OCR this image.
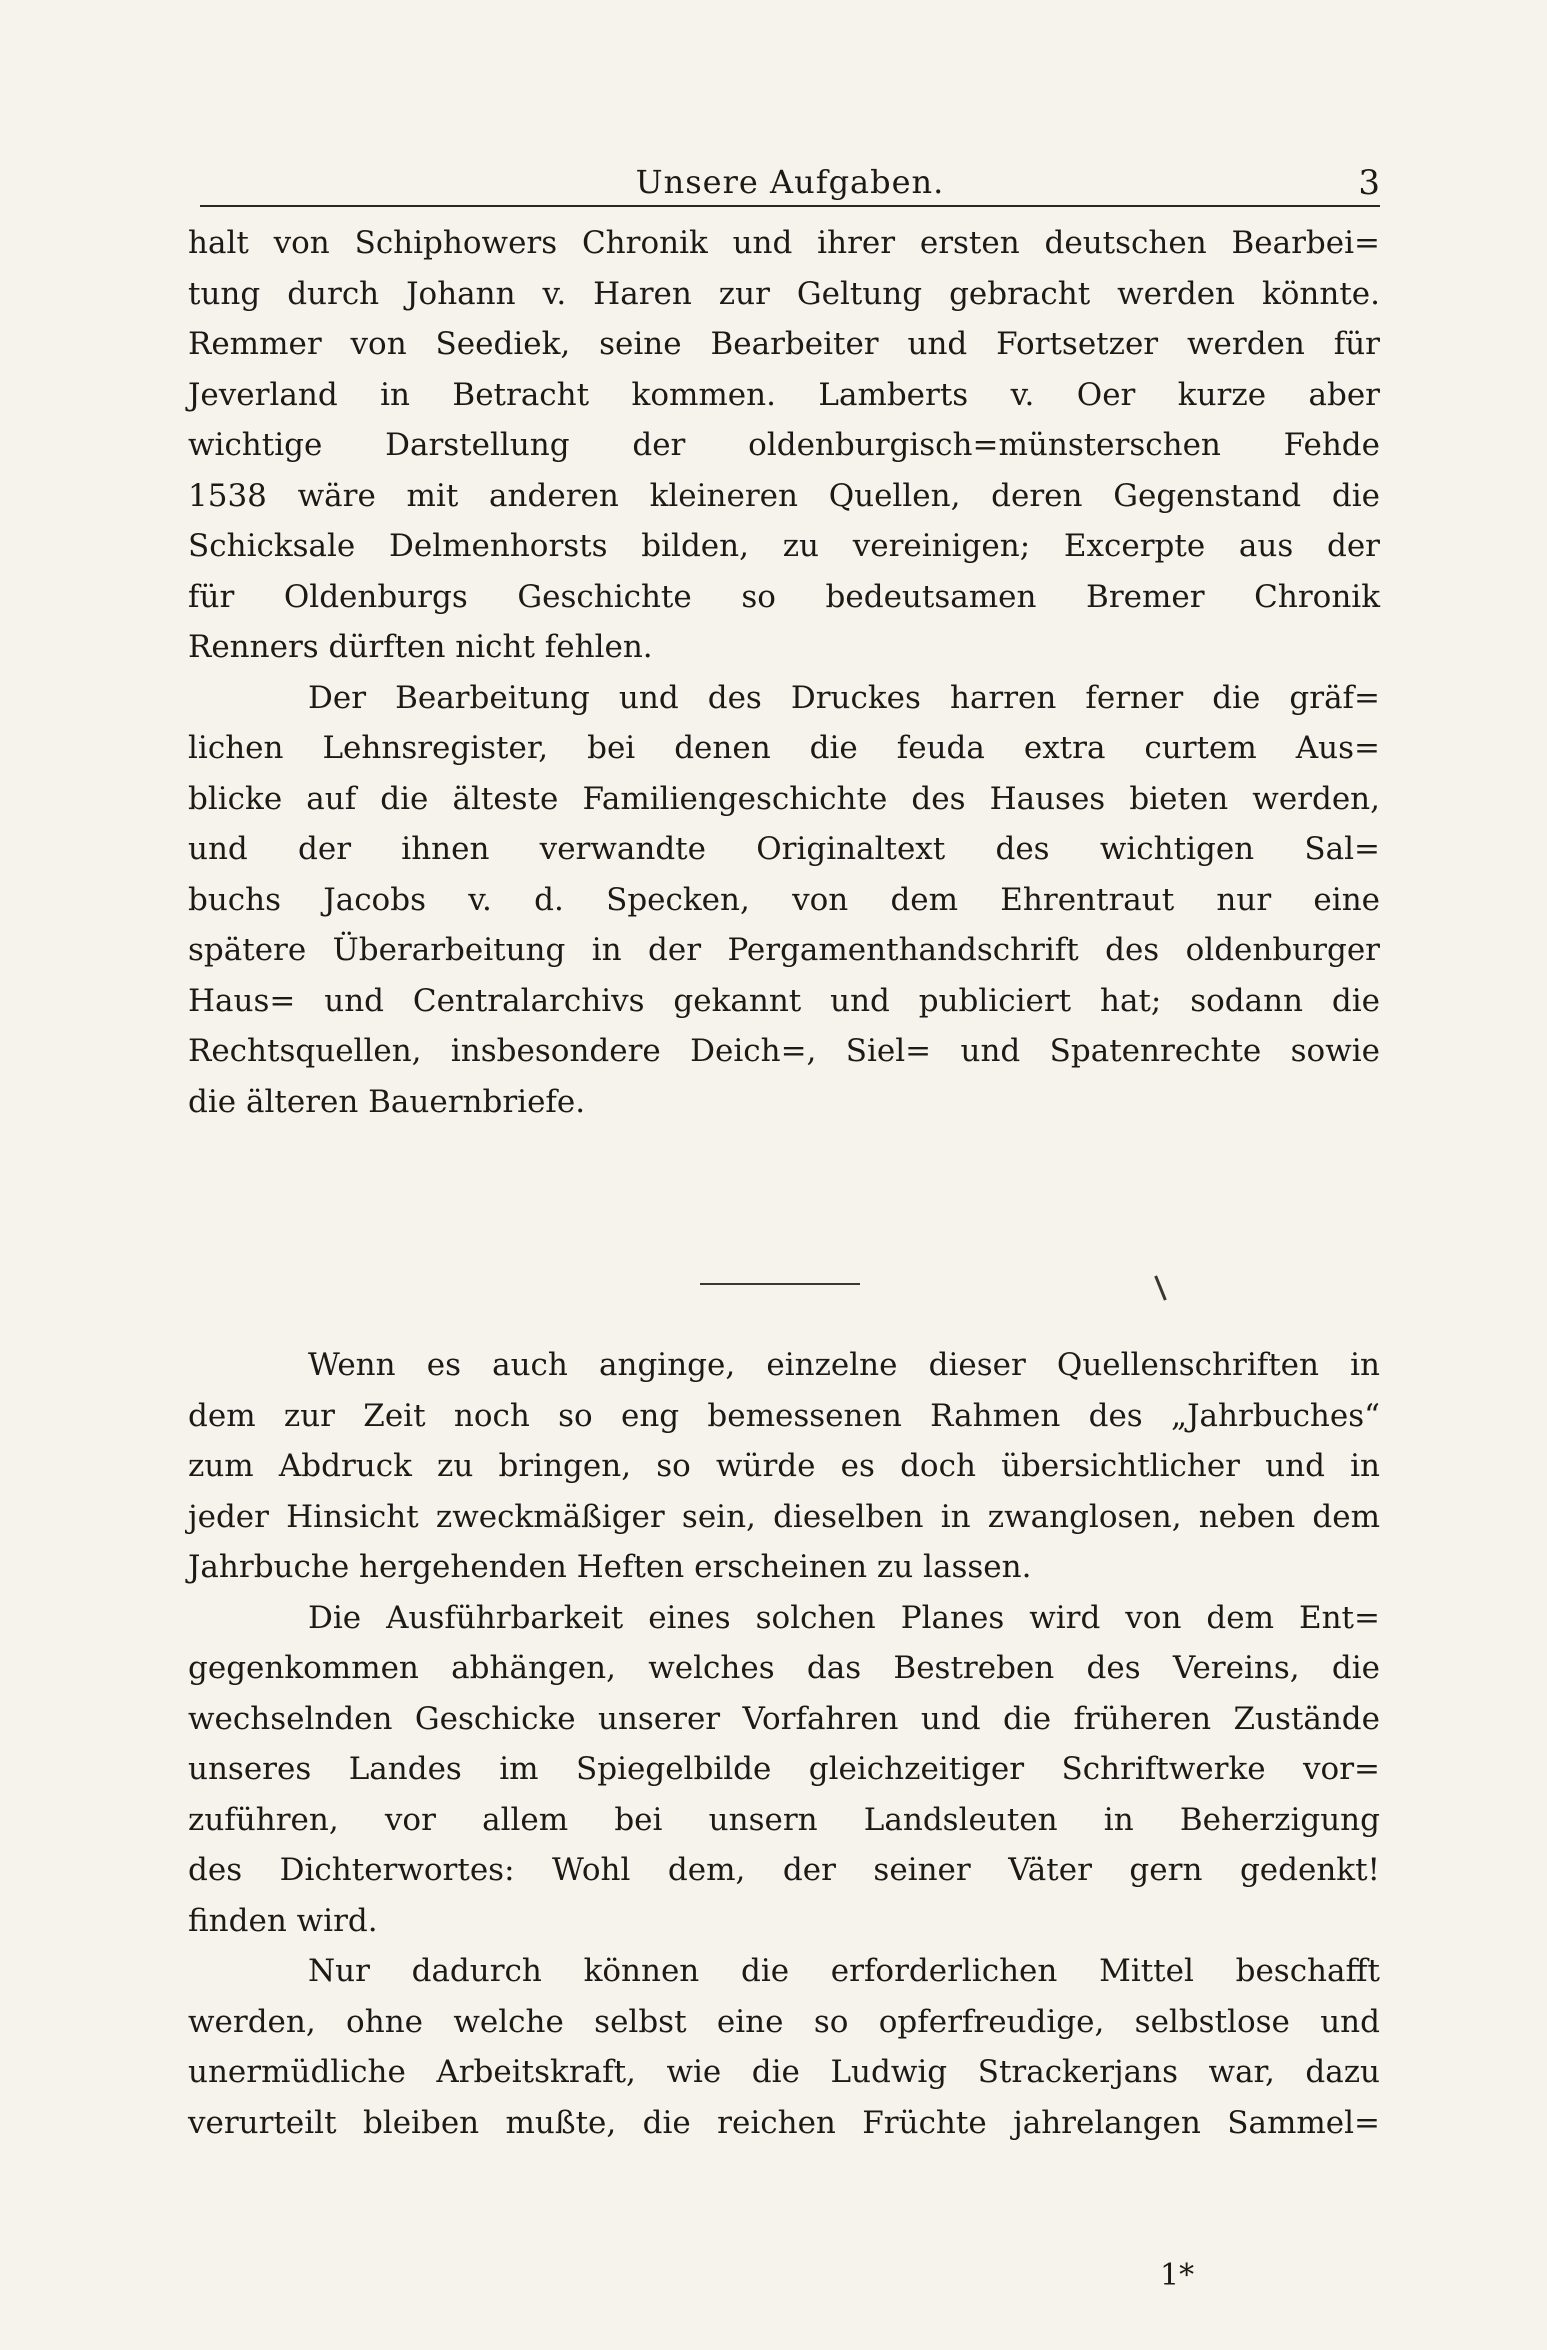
Unsere Aufgaben.	3
halt von Schiphowers Chronik und ihrer ersten deutschen Bearbei=
tung durch Johann v. Haren zur Geltung gebracht werden könnte.
Remmer von Seediek, seine Bearbeiter und Fortsetzer werden für
Jeverland in Betracht kommen. Lamberts v. Oer kurze aber
wichtige Darstellung der oldenburgisch=münsterschen Fehde
1538 wäre mit anderen kleineren Quellen, deren Gegenstand die
Schicksale Delmenhorsts bilden, zu vereinigen; Excerpte aus der
für Oldenburgs Geschichte so bedeutsamen Bremer Chronik
Renners dürften nicht fehlen.
Der Bearbeitung und des Druckes harren ferner die gräf=
lichen Lehnsregister, bei denen die feuda extra curtem Aus=
blicke auf die älteste Familiengeschichte des Hauses bieten werden,
und der ihnen verwandte Originaltext des wichtigen Sal=
buchs Jacobs v. d. Specken, von dem Ehrentraut nur eine
spätere Überarbeitung in der Pergamenthandschrift des oldenburger
Haus= und Centralarchivs gekannt und publiciert hat; sodann die
Rechtsquellen, insbesondere Deich=, Siel= und Spatenrechte sowie
die älteren Bauernbriefe.
Wenn es auch anginge, einzelne dieser Quellenschriften in
dem zur Zeit noch so eng bemessenen Rahmen des „Jahrbuches“
zum Abdruck zu bringen, so würde es doch übersichtlicher und in
jeder Hinsicht zweckmäßiger sein, dieselben in zwanglosen, neben dem
Jahrbuche hergehenden Heften erscheinen zu lassen.
Die Ausführbarkeit eines solchen Planes wird von dem Ent=
gegenkommen abhängen, welches das Bestreben des Vereins, die
wechselnden Geschicke unserer Vorfahren und die früheren Zustände
unseres Landes im Spiegelbilde gleichzeitiger Schriftwerke vor=
zuführen, vor allem bei unsern Landsleuten in Beherzigung
des Dichterwortes: Wohl dem, der seiner Väter gern gedenkt!
finden wird.
Nur dadurch können die erforderlichen Mittel beschafft
werden, ohne welche selbst eine so opferfreudige, selbstlose und
unermüdliche Arbeitskraft, wie die Ludwig Strackerjans war, dazu
verurteilt bleiben mußte, die reichen Früchte jahrelangen Sammel=
1*
